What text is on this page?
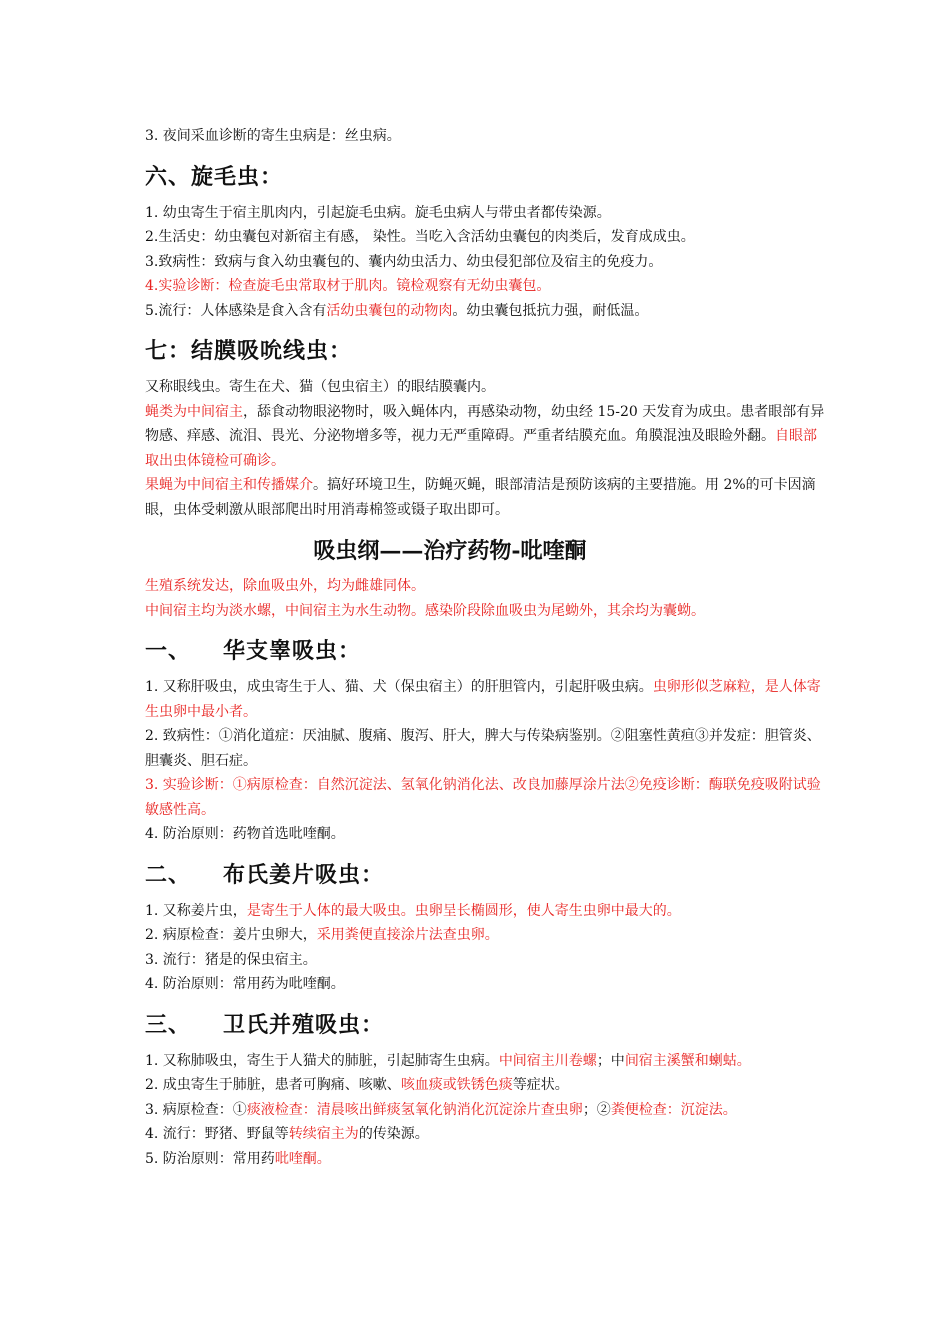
3. 夜间采血诊断的寄生虫病是：丝虫病。

六、旋毛虫：

1. 幼虫寄生于宿主肌肉内，引起旋毛虫病。旋毛虫病人与带虫者都传染源。

2.生活史：幼虫囊包对新宿主有感， 染性。当吃入含活幼虫囊包的肉类后，发育成成虫。

3.致病性：致病与食入幼虫囊包的、囊内幼虫活力、幼虫侵犯部位及宿主的免疫力。

4.实验诊断：检查旋毛虫常取材于肌肉。镜检观察有无幼虫囊包。

5.流行：人体感染是食入含有活幼虫囊包的动物肉。幼虫囊包抵抗力强，耐低温。

七：结膜吸吮线虫：

又称眼线虫。寄生在犬、猫（包虫宿主）的眼结膜囊内。

蝇类为中间宿主，舔食动物眼泌物时，吸入蝇体内，再感染动物，幼虫经 15-20 天发育为成虫。患者眼部有异物感、痒感、流泪、畏光、分泌物增多等，视力无严重障碍。严重者结膜充血。角膜混浊及眼睑外翻。自眼部取出虫体镜检可确诊。

果蝇为中间宿主和传播媒介。搞好环境卫生，防蝇灭蝇，眼部清洁是预防该病的主要措施。用 2%的可卡因滴眼，虫体受刺激从眼部爬出时用消毒棉签或镊子取出即可。

吸虫纲——治疗药物-吡喹酮

生殖系统发达，除血吸虫外，均为雌雄同体。

中间宿主均为淡水螺，中间宿主为水生动物。感染阶段除血吸虫为尾蚴外，其余均为囊蚴。

一、 华支睾吸虫：

1. 又称肝吸虫，成虫寄生于人、猫、犬（保虫宿主）的肝胆管内，引起肝吸虫病。虫卵形似芝麻粒，是人体寄生虫卵中最小者。

2. 致病性：①消化道症：厌油腻、腹痛、腹泻、肝大，脾大与传染病鉴别。②阻塞性黄疸③并发症：胆管炎、胆囊炎、胆石症。

3. 实验诊断：①病原检查：自然沉淀法、氢氧化钠消化法、改良加藤厚涂片法②免疫诊断：酶联免疫吸附试验敏感性高。

4. 防治原则：药物首选吡喹酮。

二、 布氏姜片吸虫：

1. 又称姜片虫，是寄生于人体的最大吸虫。虫卵呈长椭圆形，使人寄生虫卵中最大的。

2. 病原检查：姜片虫卵大，采用粪便直接涂片法查虫卵。

3. 流行：猪是的保虫宿主。

4. 防治原则：常用药为吡喹酮。

三、 卫氏并殖吸虫：

1. 又称肺吸虫，寄生于人猫犬的肺脏，引起肺寄生虫病。中间宿主川卷螺；中间宿主溪蟹和蝲蛄。

2. 成虫寄生于肺脏，患者可胸痛、咳嗽、咳血痰或铁锈色痰等症状。

3. 病原检查：①痰液检查：清晨咳出鲜痰氢氧化钠消化沉淀涂片查虫卵；②粪便检查：沉淀法。

4. 流行：野猪、野鼠等转续宿主为的传染源。

5. 防治原则：常用药吡喹酮。
